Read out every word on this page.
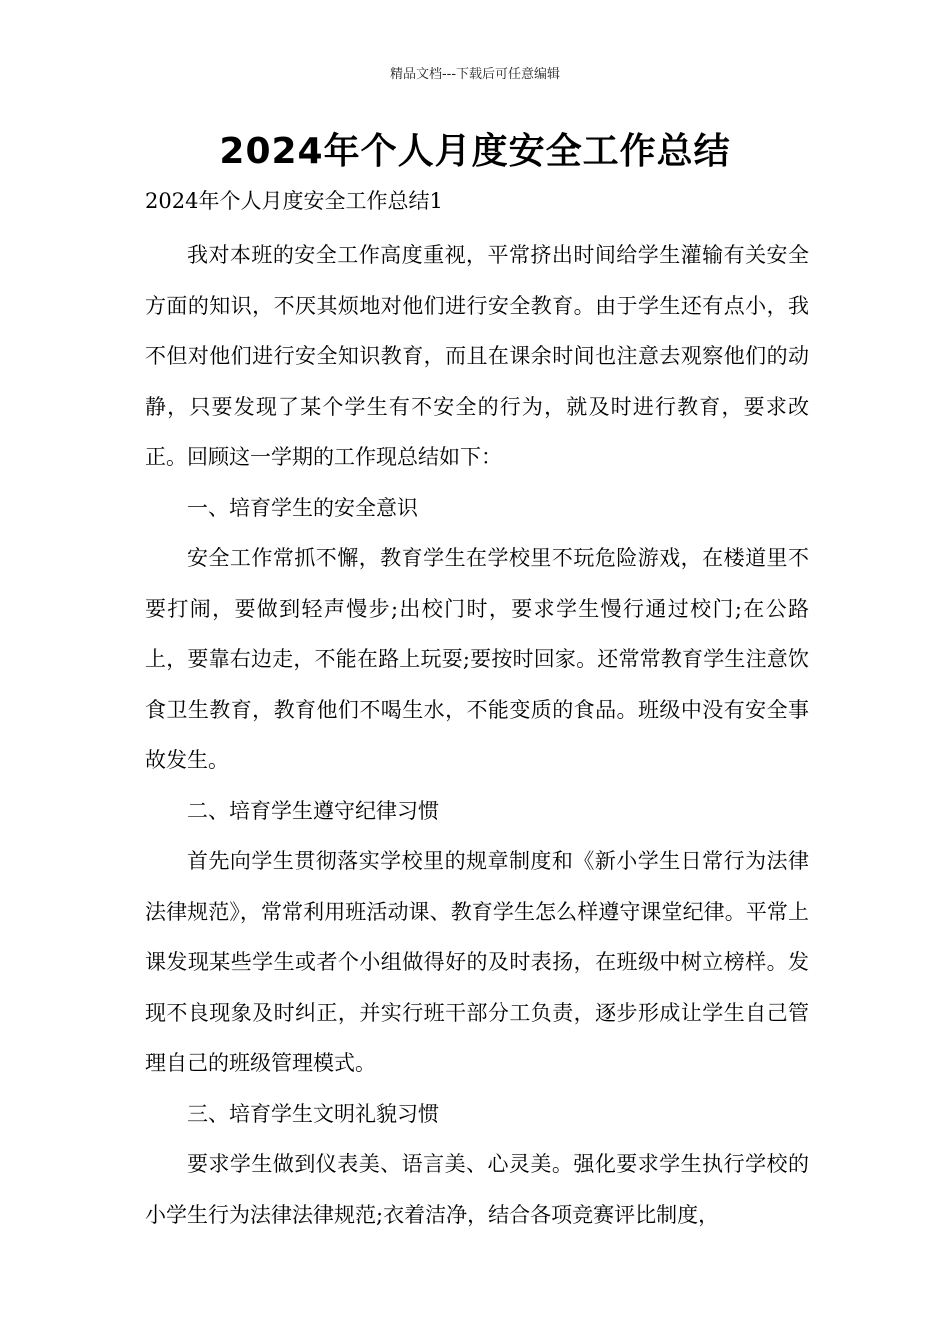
精品文档---下载后可任意编辑
2024年个人月度安全工作总结
2024年个人月度安全工作总结1

我对本班的安全工作高度重视，平常挤出时间给学生灌输有关安全方面的知识，不厌其烦地对他们进行安全教育。由于学生还有点小，我不但对他们进行安全知识教育，而且在课余时间也注意去观察他们的动静，只要发现了某个学生有不安全的行为，就及时进行教育，要求改正。回顾这一学期的工作现总结如下：

一、培育学生的安全意识

安全工作常抓不懈，教育学生在学校里不玩危险游戏，在楼道里不要打闹，要做到轻声慢步;出校门时，要求学生慢行通过校门;在公路上，要靠右边走，不能在路上玩耍;要按时回家。还常常教育学生注意饮食卫生教育，教育他们不喝生水，不能变质的食品。班级中没有安全事故发生。

二、培育学生遵守纪律习惯

首先向学生贯彻落实学校里的规章制度和《新小学生日常行为法律法律规范》，常常利用班活动课、教育学生怎么样遵守课堂纪律。平常上课发现某些学生或者个小组做得好的及时表扬，在班级中树立榜样。发现不良现象及时纠正，并实行班干部分工负责，逐步形成让学生自己管理自己的班级管理模式。

三、培育学生文明礼貌习惯

要求学生做到仪表美、语言美、心灵美。强化要求学生执行学校的小学生行为法律法律规范;衣着洁净，结合各项竞赛评比制度，
